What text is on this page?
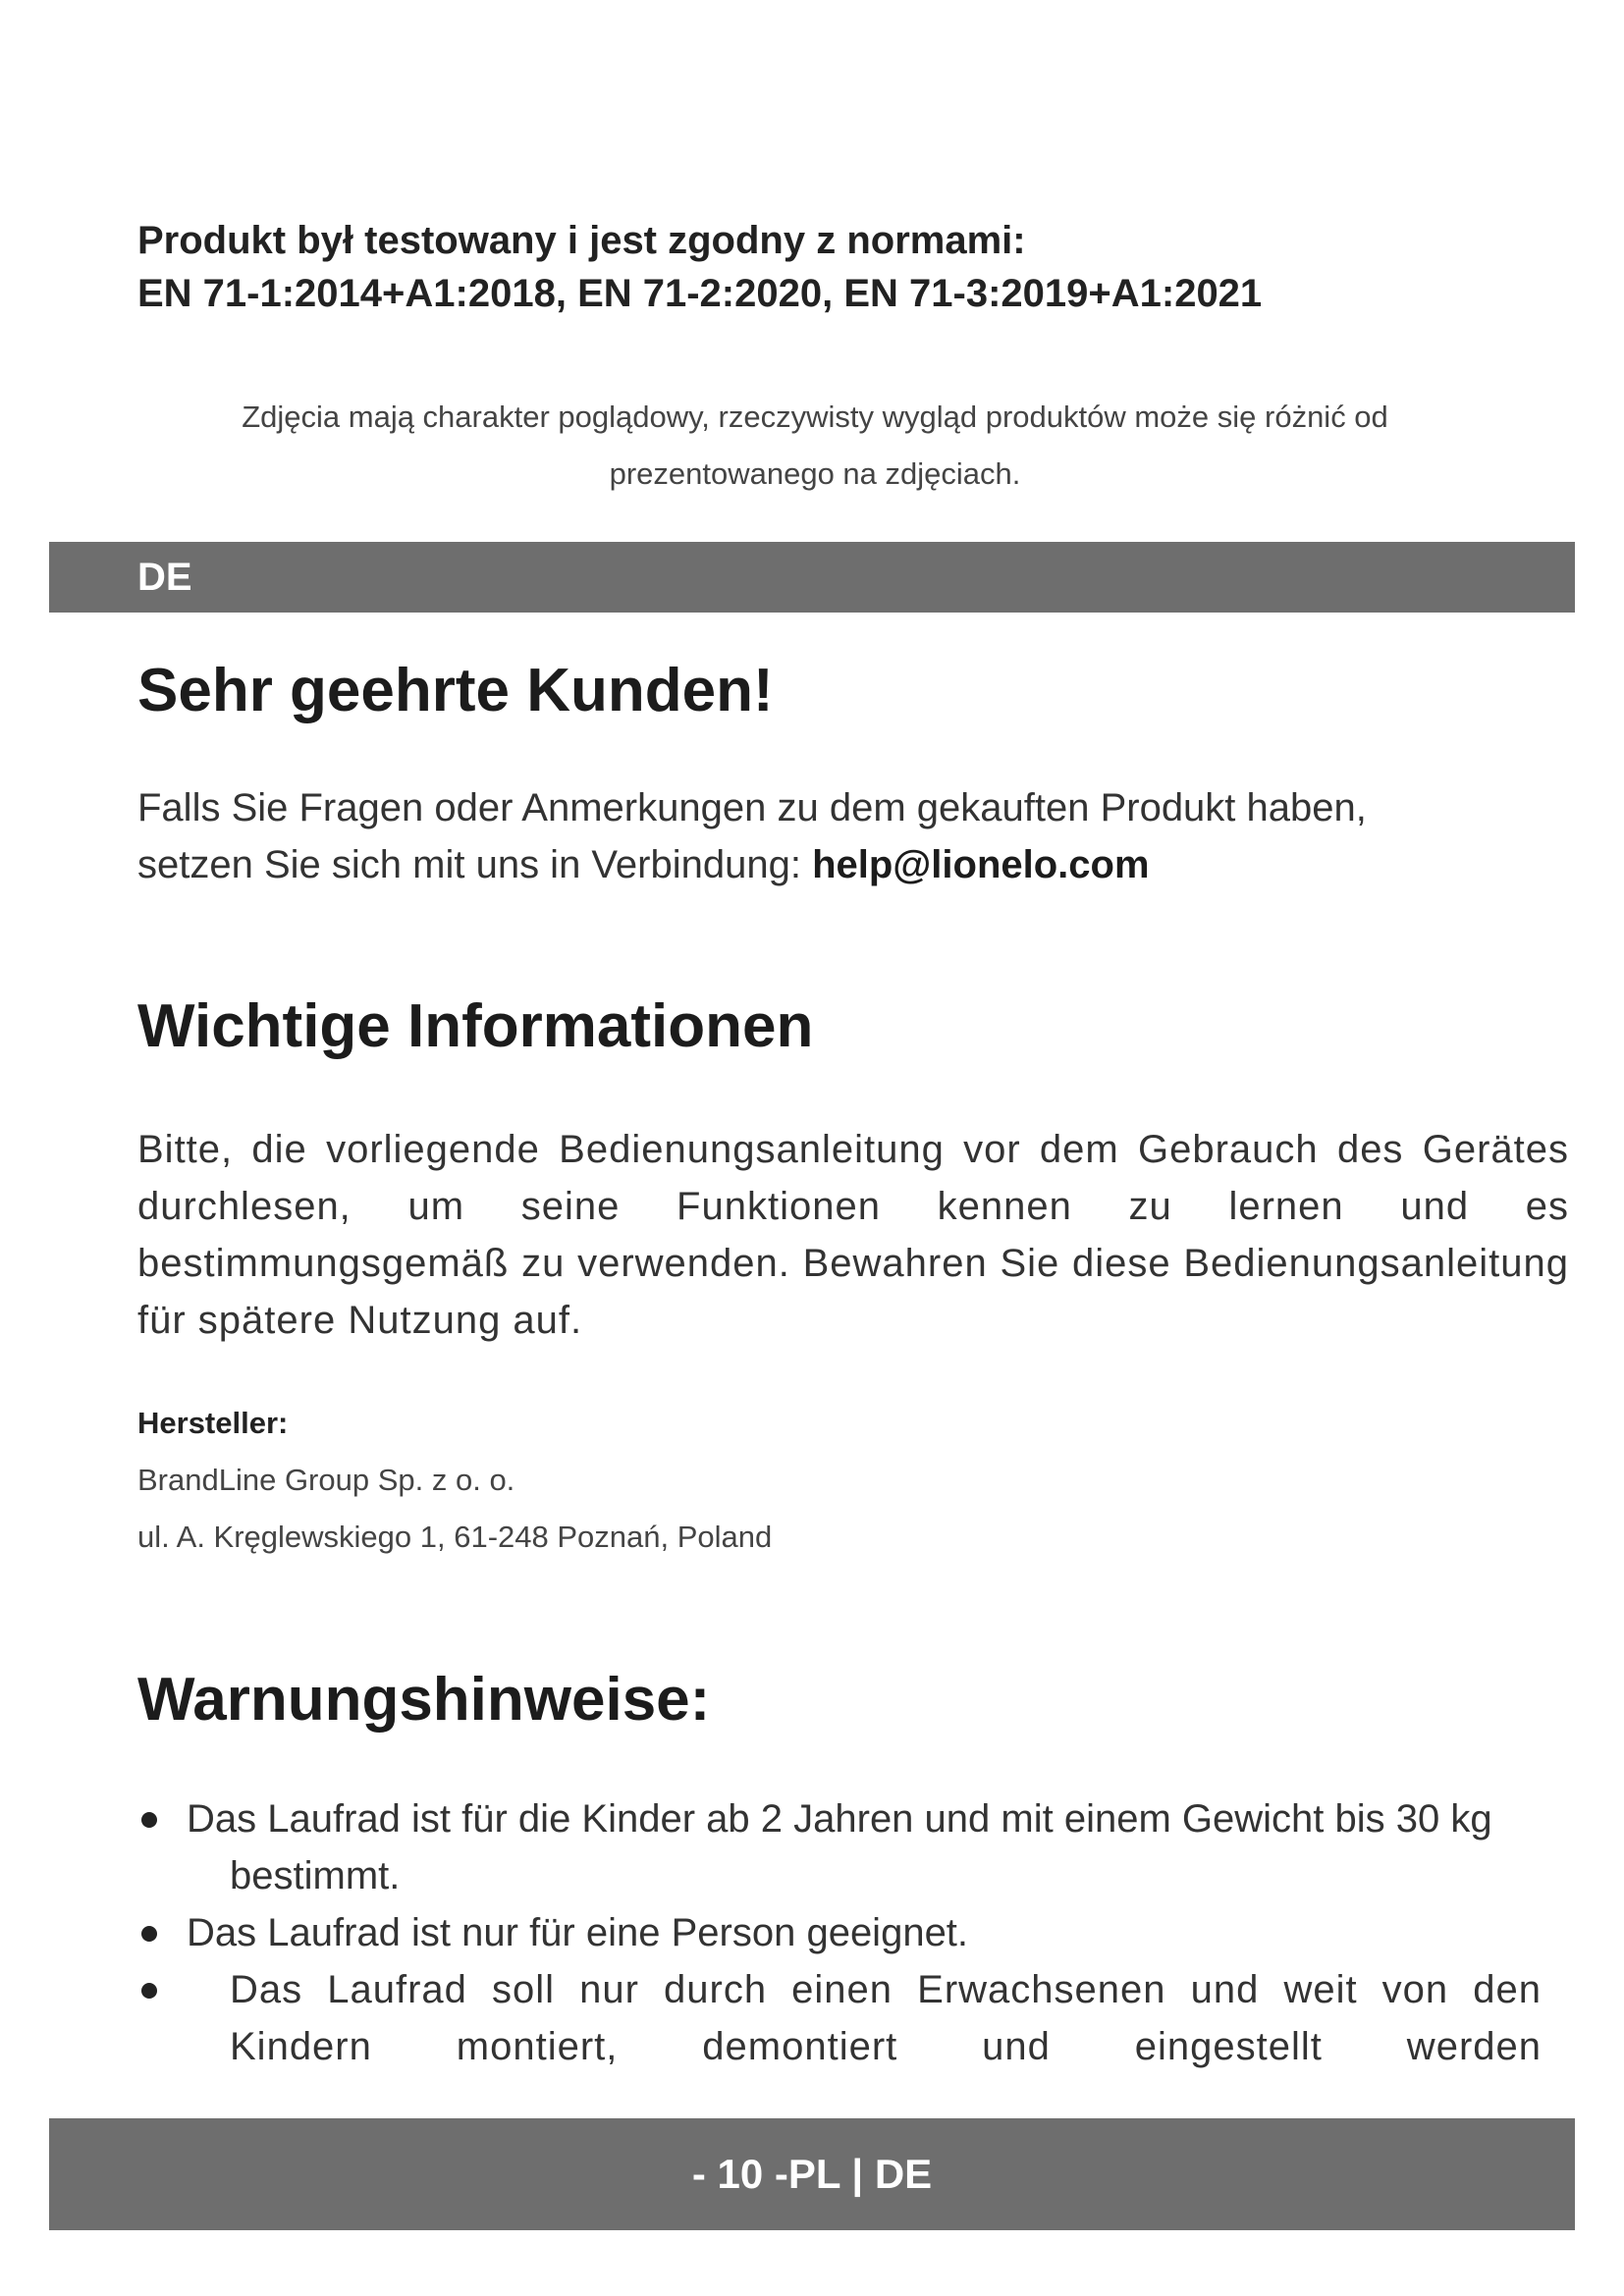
Produkt był testowany i jest zgodny z normami:
EN 71-1:2014+A1:2018, EN 71-2:2020, EN 71-3:2019+A1:2021
Zdjęcia mają charakter poglądowy, rzeczywisty wygląd produktów może się różnić od
prezentowanego na zdjęciach.
DE
Sehr geehrte Kunden!
Falls Sie Fragen oder Anmerkungen zu dem gekauften Produkt haben,
setzen Sie sich mit uns in Verbindung: help@lionelo.com
Wichtige Informationen
Bitte, die vorliegende Bedienungsanleitung vor dem Gebrauch des Gerätes durchlesen, um seine Funktionen kennen zu lernen und es bestimmungsgemäß zu verwenden. Bewahren Sie diese Bedienungsanleitung für spätere Nutzung auf.
Hersteller:
BrandLine Group Sp. z o. o.
ul. A. Kręglewskiego 1, 61-248 Poznań, Poland
Warnungshinweise:
Das Laufrad ist für die Kinder ab 2 Jahren und mit einem Gewicht bis 30 kg bestimmt.
Das Laufrad ist nur für eine Person geeignet.
Das Laufrad soll nur durch einen Erwachsenen und weit von den Kindern montiert, demontiert und eingestellt werden
- 10 -PL | DE
